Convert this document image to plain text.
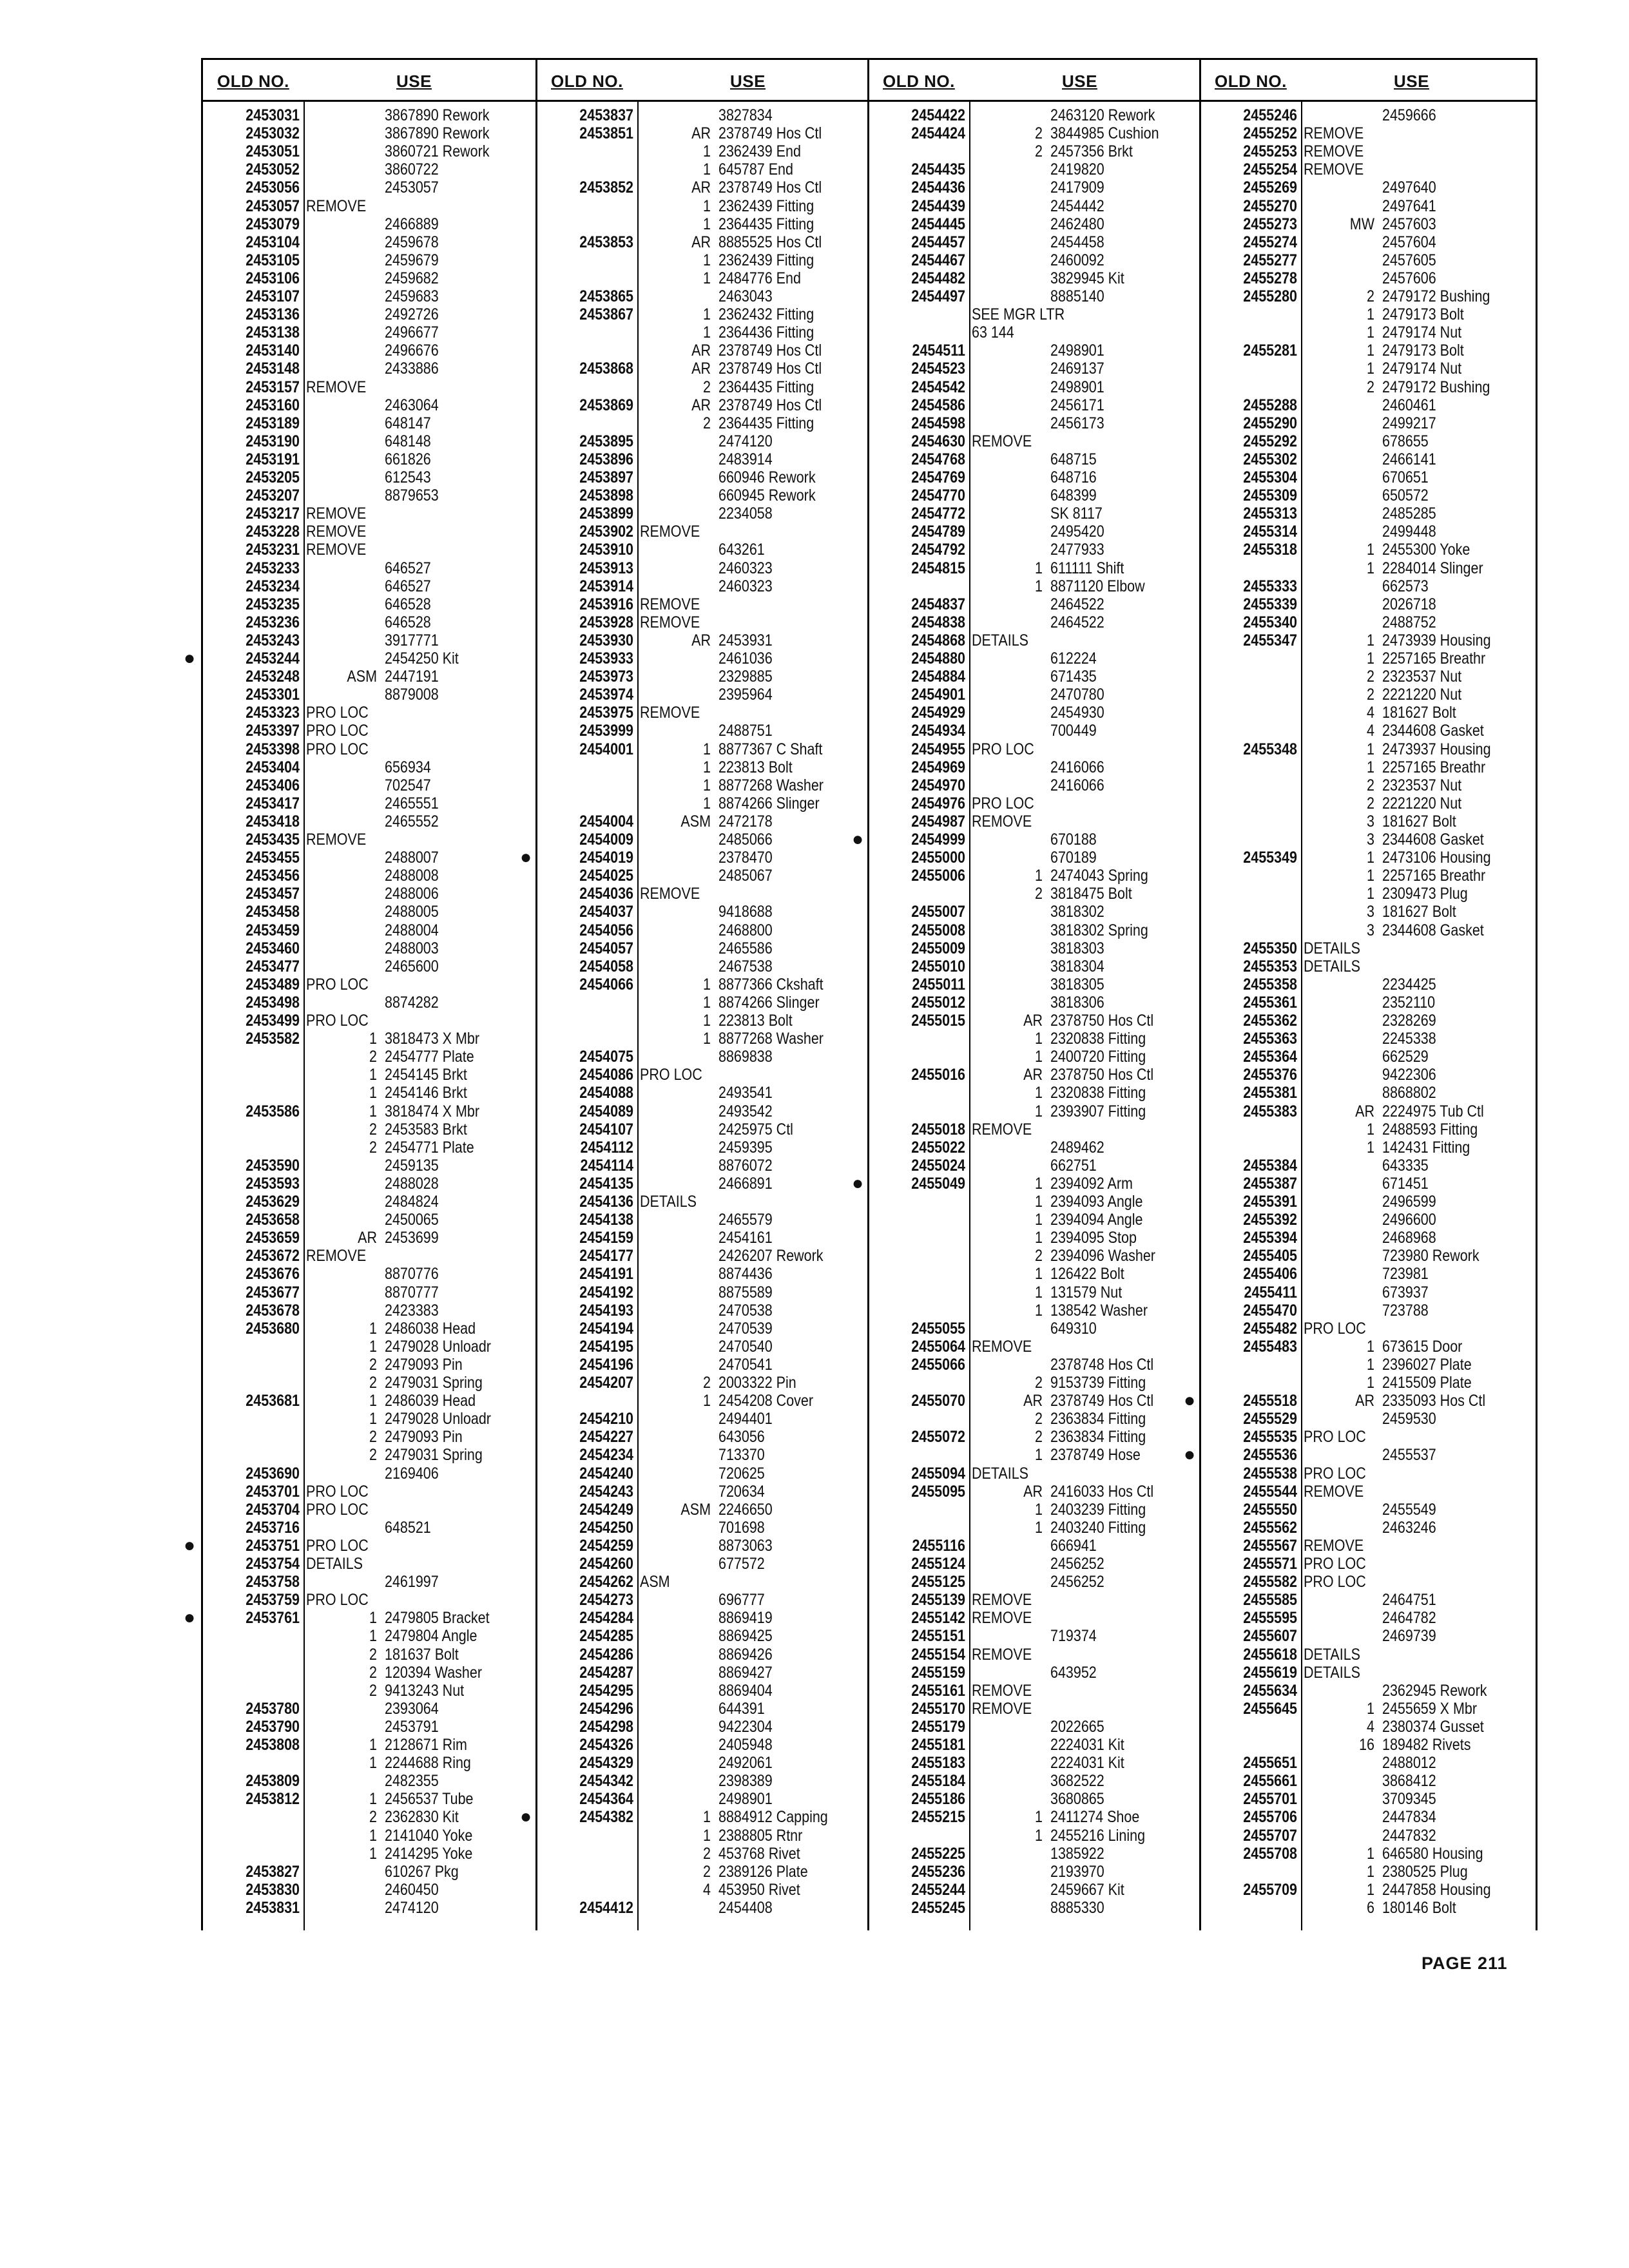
OLD NO.	USE
2453031	3867890 Rework
2453032	3867890 Rework
2453051	3860721 Rework
2453052	3860722
2453056	2453057
2453057 REMOVE
2453079	2466889
2453104	2459678
2453105	2459679
2453106	2459682
2453107	2459683
2453136	2492726
2453138	2496677
2453140	2496676
2453148	2433886
2453157 REMOVE
2453160	2463064
2453189	648147
2453190	648148
2453191	661826
2453205	612543
2453207	8879653
2453217 REMOVE
2453228 REMOVE
2453231 REMOVE
2453233	646527
2453234	646527
2453235	646528
2453236	646528
2453243	3917771
●	2453244	2454250 Kit
2453248	ASM 2447191
2453301	8879008
2453323 PRO LOC
2453397 PRO LOC
2453398 PRO LOC
2453404	656934
2453406	702547
2453417	2465551
2453418	2465552
2453435 REMOVE
2453455	2488007
2453456	2488008
2453457	2488006
2453458	2488005
2453459	2488004
2453460	2488003
2453477	2465600
2453489 PRO LOC
2453498	8874282
2453499 PRO LOC
2453582	1 3818473 X Mbr
2 2454777 Plate
1 2454145 Brkt
1 2454146 Brkt
2453586	1 3818474 X Mbr
2 2453583 Brkt
2 2454771 Plate
2453590	2459135
2453593	2488028
2453629	2484824
2453658	2450065
2453659	AR 2453699
2453672 REMOVE
2453676	8870776
2453677	8870777
2453678	2423383
2453680	1 2486038 Head
1 2479028 Unloadr
2 2479093 Pin
2 2479031 Spring
2453681	1 2486039 Head
1 2479028 Unloadr
2 2479093 Pin
2 2479031 Spring
2453690	2169406
2453701 PRO LOC
2453704 PRO LOC
2453716	648521
●	2453751 PRO LOC
2453754 DETAILS
2453758	2461997
2453759 PRO LOC
●	2453761	1 2479805 Bracket
1 2479804 Angle
2 181637 Bolt
2 120394 Washer
2 9413243 Nut
2453780	2393064
2453790	2453791
2453808	1 2128671 Rim
1 2244688 Ring
2453809	2482355
2453812	1 2456537 Tube
2 2362830 Kit
1 2141040 Yoke
1 2414295 Yoke
2453827	610267 Pkg
2453830	2460450
2453831	2474120
OLD NO.	USE
2453837	3827834
2453851	AR 2378749 Hos Ctl
1 2362439 End
1 645787 End
2453852	AR 2378749 Hos Ctl
1 2362439 Fitting
1 2364435 Fitting
2453853	AR 8885525 Hos Ctl
1 2362439 Fitting
1 2484776 End
2453865	2463043
2453867	1 2362432 Fitting
1 2364436 Fitting
AR 2378749 Hos Ctl
2453868	AR 2378749 Hos Ctl
2 2364435 Fitting
2453869	AR 2378749 Hos Ctl
2 2364435 Fitting
2453895	2474120
2453896	2483914
2453897	660946 Rework
2453898	660945 Rework
2453899	2234058
2453902 REMOVE
2453910	643261
2453913	2460323
2453914	2460323
2453916 REMOVE
2453928 REMOVE
2453930	AR 2453931
2453933	2461036
2453973	2329885
2453974	2395964
2453975 REMOVE
2453999	2488751
2454001	1 8877367 C Shaft
1 223813 Bolt
1 8877268 Washer
1 8874266 Slinger
2454004	ASM 2472178
2454009	2485066
●	2454019	2378470
2454025	2485067
2454036 REMOVE
2454037	9418688
2454056	2468800
2454057	2465586
2454058	2467538
2454066	1 8877366 Ckshaft
1 8874266 Slinger
1 223813 Bolt
1 8877268 Washer
2454075	8869838
2454086 PRO LOC
2454088	2493541
2454089	2493542
2454107	2425975 Ctl
2454112	2459395
2454114	8876072
2454135	2466891
2454136 DETAILS
2454138	2465579
2454159	2454161
2454177	2426207 Rework
2454191	8874436
2454192	8875589
2454193	2470538
2454194	2470539
2454195	2470540
2454196	2470541
2454207	2 2003322 Pin
1 2454208 Cover
2454210	2494401
2454227	643056
2454234	713370
2454240	720625
2454243	720634
2454249	ASM 2246650
2454250	701698
2454259	8873063
2454260	677572
2454262 ASM
2454273	696777
2454284	8869419
2454285	8869425
2454286	8869426
2454287	8869427
2454295	8869404
2454296	644391
2454298	9422304
2454326	2405948
2454329	2492061
2454342	2398389
2454364	2498901
●	2454382	1 8884912 Capping
1 2388805 Rtnr
2 453768 Rivet
2 2389126 Plate
4 453950 Rivet
2454412	2454408
OLD NO.	USE
2454422	2463120 Rework
2454424	2 3844985 Cushion
2 2457356 Brkt
2454435	2419820
2454436	2417909
2454439	2454442
2454445	2462480
2454457	2454458
2454467	2460092
2454482	3829945 Kit
2454497	8885140
SEE MGR LTR
63 144
2454511	2498901
2454523	2469137
2454542	2498901
2454586	2456171
2454598	2456173
2454630 REMOVE
2454768	648715
2454769	648716
2454770	648399
2454772	SK 8117
2454789	2495420
2454792	2477933
2454815	1 611111 Shift
1 8871120 Elbow
2454837	2464522
2454838	2464522
2454868 DETAILS
2454880	612224
2454884	671435
2454901	2470780
2454929	2454930
2454934	700449
2454955 PRO LOC
2454969	2416066
2454970	2416066
2454976 PRO LOC
2454987 REMOVE
●	2454999	670188
2455000	670189
2455006	1 2474043 Spring
2 3818475 Bolt
2455007	3818302
2455008	3818302 Spring
2455009	3818303
2455010	3818304
2455011	3818305
2455012	3818306
2455015	AR 2378750 Hos Ctl
1 2320838 Fitting
1 2400720 Fitting
2455016	AR 2378750 Hos Ctl
1 2320838 Fitting
1 2393907 Fitting
2455018 REMOVE
2455022	2489462
2455024	662751
●	2455049	1 2394092 Arm
1 2394093 Angle
1 2394094 Angle
1 2394095 Stop
2 2394096 Washer
1 126422 Bolt
1 131579 Nut
1 138542 Washer
2455055	649310
2455064 REMOVE
2455066	2378748 Hos Ctl
2 9153739 Fitting
2455070	AR 2378749 Hos Ctl
2 2363834 Fitting
2455072	2 2363834 Fitting
1 2378749 Hose
2455094 DETAILS
2455095	AR 2416033 Hos Ctl
1 2403239 Fitting
1 2403240 Fitting
2455116	666941
2455124	2456252
2455125	2456252
2455139 REMOVE
2455142 REMOVE
2455151	719374
2455154 REMOVE
2455159	643952
2455161 REMOVE
2455170 REMOVE
2455179	2022665
2455181	2224031 Kit
2455183	2224031 Kit
2455184	3682522
2455186	3680865
2455215	1 2411274 Shoe
1 2455216 Lining
2455225	1385922
2455236	2193970
2455244	2459667 Kit
2455245	8885330
OLD NO.	USE
2455246	2459666
2455252 REMOVE
2455253 REMOVE
2455254 REMOVE
2455269	2497640
2455270	2497641
2455273	MW 2457603
2455274	2457604
2455277	2457605
2455278	2457606
2455280	2 2479172 Bushing
1 2479173 Bolt
1 2479174 Nut
2455281	1 2479173 Bolt
1 2479174 Nut
2 2479172 Bushing
2455288	2460461
2455290	2499217
2455292	678655
2455302	2466141
2455304	670651
2455309	650572
2455313	2485285
2455314	2499448
2455318	1 2455300 Yoke
1 2284014 Slinger
2455333	662573
2455339	2026718
2455340	2488752
2455347	1 2473939 Housing
1 2257165 Breathr
2 2323537 Nut
2 2221220 Nut
4 181627 Bolt
4 2344608 Gasket
2455348	1 2473937 Housing
1 2257165 Breathr
2 2323537 Nut
2 2221220 Nut
3 181627 Bolt
3 2344608 Gasket
2455349	1 2473106 Housing
1 2257165 Breathr
1 2309473 Plug
3 181627 Bolt
3 2344608 Gasket
2455350 DETAILS
2455353 DETAILS
2455358	2234425
2455361	2352110
2455362	2328269
2455363	2245338
2455364	662529
2455376	9422306
2455381	8868802
2455383	AR 2224975 Tub Ctl
1 2488593 Fitting
1 142431 Fitting
2455384	643335
2455387	671451
2455391	2496599
2455392	2496600
2455394	2468968
2455405	723980 Rework
2455406	723981
2455411	673937
2455470	723788
2455482 PRO LOC
2455483	1 673615 Door
1 2396027 Plate
1 2415509 Plate
●	2455518	AR 2335093 Hos Ctl
2455529	2459530
2455535 PRO LOC
●	2455536	2455537
2455538 PRO LOC
2455544 REMOVE
2455550	2455549
2455562	2463246
2455567 REMOVE
2455571 PRO LOC
2455582 PRO LOC
2455585	2464751
2455595	2464782
2455607	2469739
2455618 DETAILS
2455619 DETAILS
2455634	2362945 Rework
2455645	1 2455659 X Mbr
4 2380374 Gusset
16 189482 Rivets
2455651	2488012
2455661	3868412
2455701	3709345
2455706	2447834
2455707	2447832
2455708	1 646580 Housing
1 2380525 Plug
2455709	1 2447858 Housing
6 180146 Bolt
PAGE 211
